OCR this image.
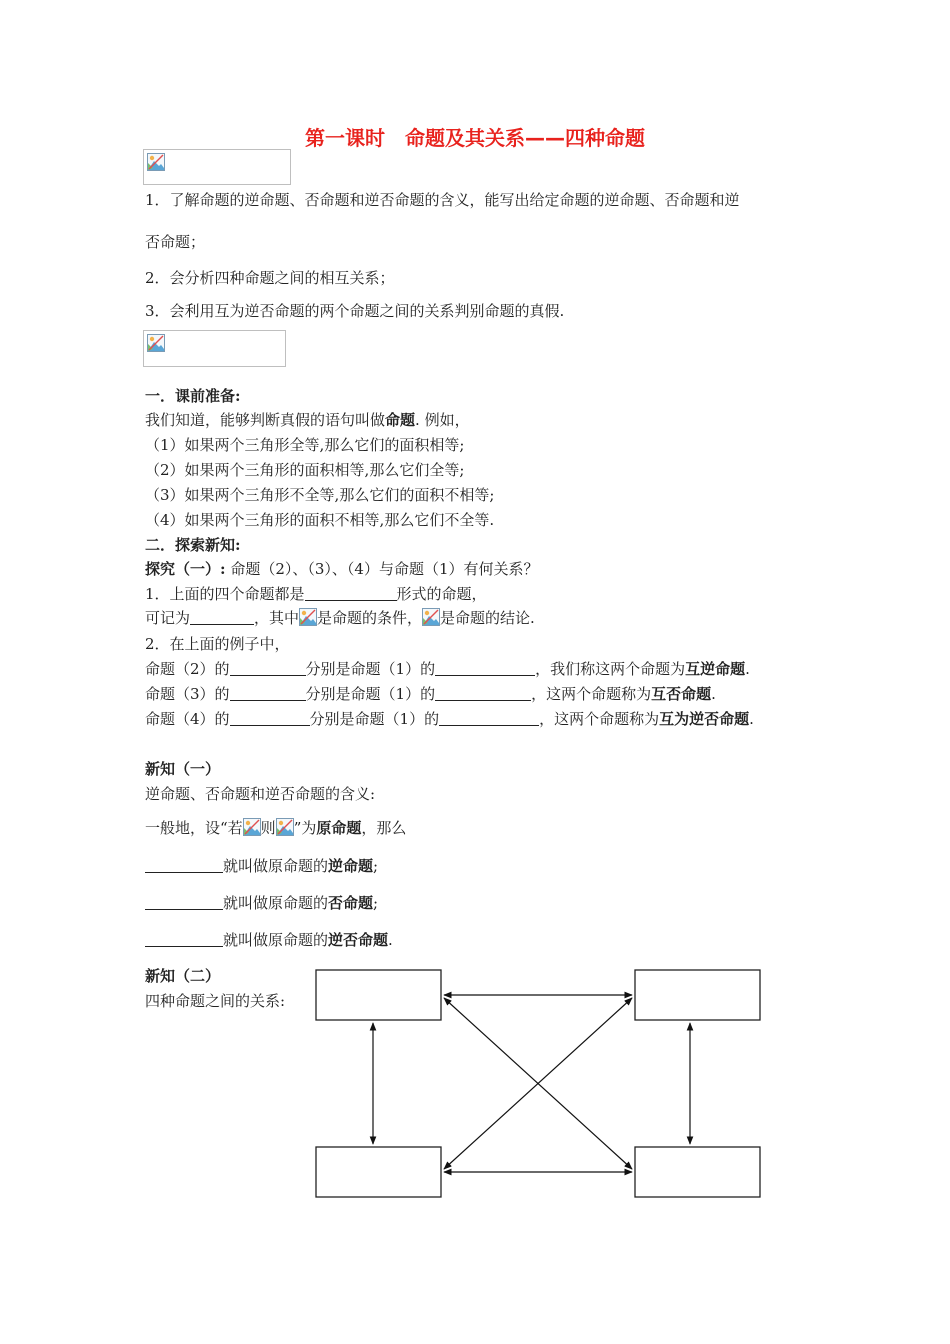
第一课时　命题及其关系——四种命题
1．了解命题的逆命题、否命题和逆否命题的含义，能写出给定命题的逆命题、否命题和逆
否命题；
2．会分析四种命题之间的相互关系；
3．会利用互为逆否命题的两个命题之间的关系判别命题的真假.
一．课前准备:
我们知道，能够判断真假的语句叫做命题. 例如，
（1）如果两个三角形全等,那么它们的面积相等;
（2）如果两个三角形的面积相等,那么它们全等;
（3）如果两个三角形不全等,那么它们的面积不相等;
（4）如果两个三角形的面积不相等,那么它们不全等.
二．探索新知:
探究（一）: 命题（2）、（3）、（4）与命题（1）有何关系？
1．上面的四个命题都是	形式的命题，
可记为	，其中 是命题的条件， 是命题的结论.
2．在上面的例子中，
命题（2）的	分别是命题（1）的	，我们称这两个命题为互逆命题.
命题（3）的	分别是命题（1）的	，这两个命题称为互否命题.
命题（4）的	分别是命题（1）的	，这两个命题称为互为逆否命题.
新知（一）
逆命题、否命题和逆否命题的含义:
一般地，设“若 则 ”为原命题，那么
就叫做原命题的逆命题;
就叫做原命题的否命题;
就叫做原命题的逆否命题.
新知（二）
四种命题之间的关系:
